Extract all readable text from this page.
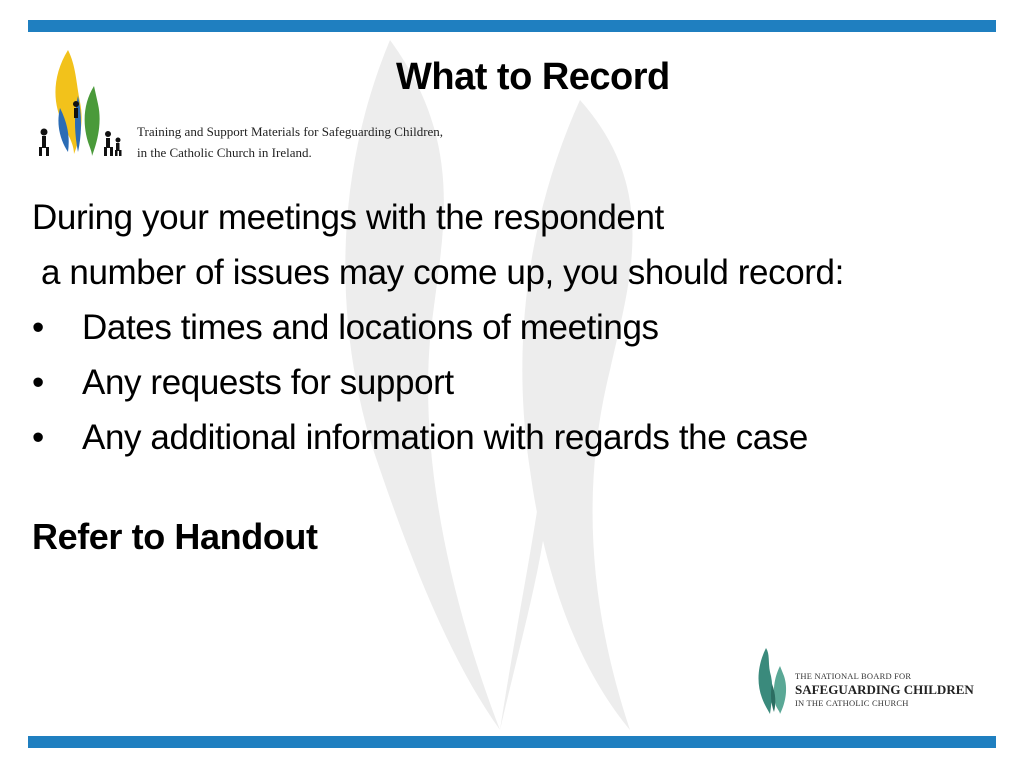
Training and Support Materials for Safeguarding Children,
in the Catholic Church in Ireland.
What to Record
During your meetings with the respondent
a number of issues may come up, you should record:
•	Dates times and locations of meetings
•	Any requests for support
•	Any additional information with regards the case
Refer to Handout
THE NATIONAL BOARD FOR
SAFEGUARDING CHILDREN
IN THE CATHOLIC CHURCH
